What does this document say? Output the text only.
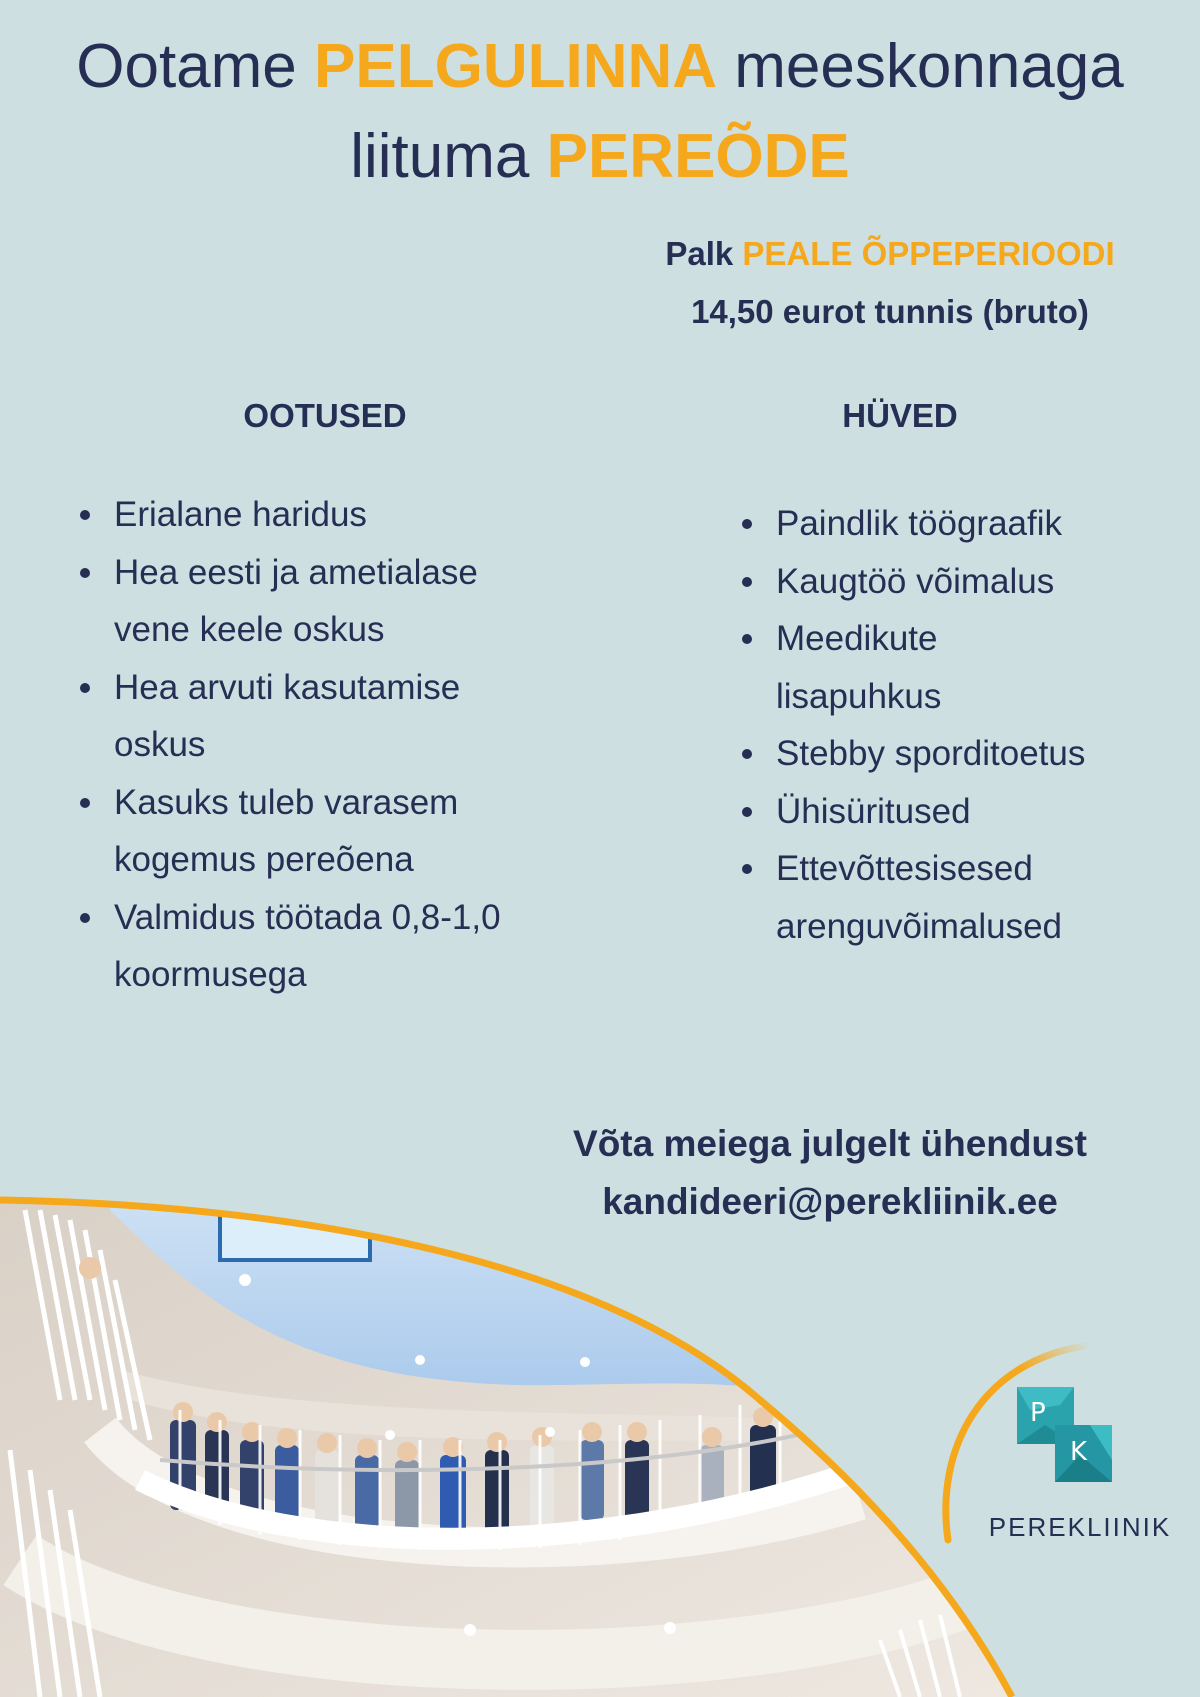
Ootame PELGULINNA meeskonnaga
liituma PEREÕDE
Palk PEALE ÕPPEPERIOODI
14,50 eurot tunnis (bruto)
OOTUSED	HÜVED
Erialane haridus
Hea eesti ja ametialase
vene keele oskus
Hea arvuti kasutamise
oskus
Kasuks tuleb varasem
kogemus pereõena
Valmidus töötada 0,8-1,0
koormusega
Paindlik töögraafik
Kaugtöö võimalus
Meedikute
lisapuhkus
Stebby sporditoetus
Ühisüritused
Ettevõttesisesed
arenguvõimalused
Võta meiega julgelt ühendust
kandideeri@perekliinik.ee
P
K
PEREKLIINIK
